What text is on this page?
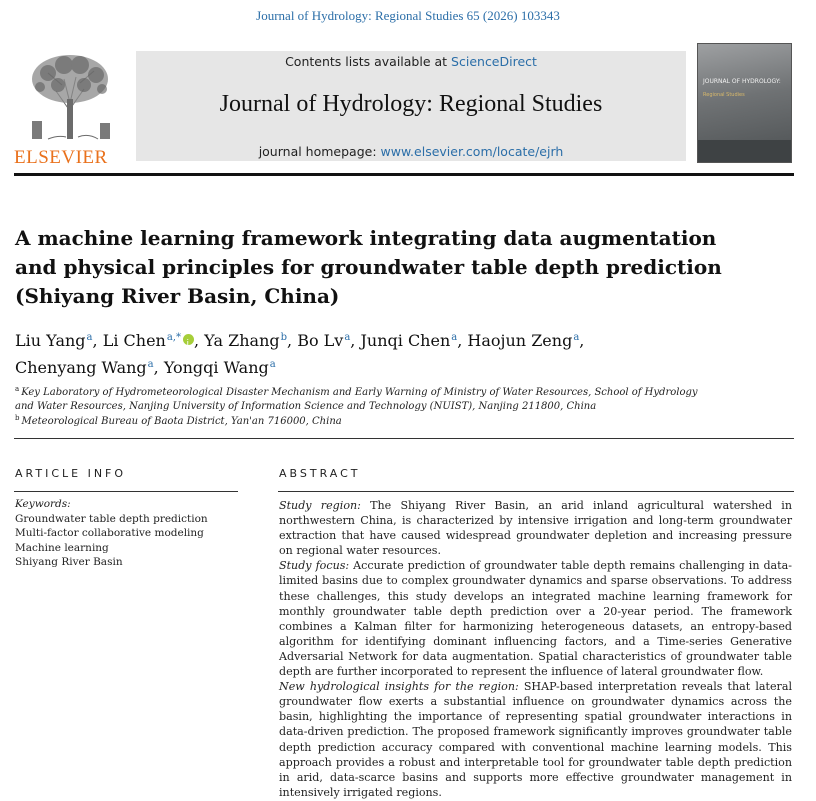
Journal of Hydrology: Regional Studies 65 (2026) 103343
ELSEVIER
Contents lists available at ScienceDirect
Journal of Hydrology: Regional Studies
journal homepage: www.elsevier.com/locate/ejrh
JOURNAL OF HYDROLOGY:
Regional Studies
A machine learning framework integrating data augmentation and physical principles for groundwater table depth prediction (Shiyang River Basin, China)
Liu Yang$^a$, Li Chen$^{a,*}$i , Ya Zhang$^b$, Bo Lv$^a$, Junqi Chen$^a$, Haojun Zeng$^a$,
Chenyang Wang$^a$, Yongqi Wang$^a$
$^a$ Key Laboratory of Hydrometeorological Disaster Mechanism and Early Warning of Ministry of Water Resources, School of Hydrology and Water Resources, Nanjing University of Information Science and Technology (NUIST), Nanjing 211800, China
$^b$ Meteorological Bureau of Baota District, Yan'an 716000, China
ARTICLE INFO	ABSTRACT
Keywords:
Groundwater table depth prediction
Multi-factor collaborative modeling
Machine learning
Shiyang River Basin

Study region: The Shiyang River Basin, an arid inland agricultural watershed in northwestern China, is characterized by intensive irrigation and long-term groundwater extraction that have caused widespread groundwater depletion and increasing pressure on regional water resources.

Study focus: Accurate prediction of groundwater table depth remains challenging in data-limited basins due to complex groundwater dynamics and sparse observations. To address these challenges, this study develops an integrated machine learning framework for monthly groundwater table depth prediction over a 20-year period. The framework combines a Kalman filter for harmonizing heterogeneous datasets, an entropy-based algorithm for identifying dominant influencing factors, and a Time-series Generative Adversarial Network for data augmentation. Spatial characteristics of groundwater table depth are further incorporated to represent the influence of lateral groundwater flow.

New hydrological insights for the region: SHAP-based interpretation reveals that lateral groundwater flow exerts a substantial influence on groundwater dynamics across the basin, highlighting the importance of representing spatial groundwater interactions in data-driven prediction. The proposed framework significantly improves groundwater table depth prediction accuracy compared with conventional machine learning models. This approach provides a robust and interpretable tool for groundwater table depth prediction in arid, data-scarce basins and supports more effective groundwater management in intensively irrigated regions.
